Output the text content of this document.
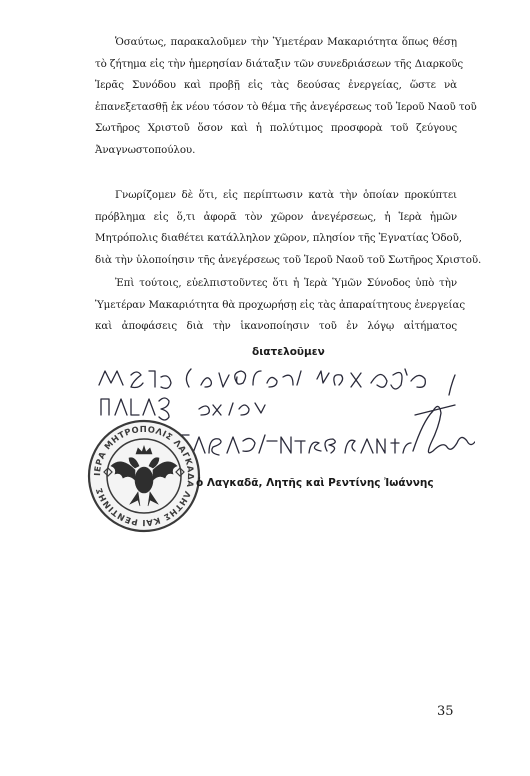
Ὁσαύτως, παρακαλοῦμεν τὴν Ὑμετέραν Μακαριότητα ὅπως θέσῃ
τὸ ζήτημα εἰς τὴν ἡμερησίαν διάταξιν τῶν συνεδριάσεων τῆς Διαρκοῦς
Ἱερᾶς Συνόδου καὶ προβῇ εἰς τὰς δεούσας ἐνεργείας, ὥστε νὰ
ἐπανεξετασθῇ ἐκ νέου τόσον τὸ θέμα τῆς ἀνεγέρσεως τοῦ Ἱεροῦ Ναοῦ τοῦ
Σωτῆρος Χριστοῦ ὅσον καὶ ἡ πολύτιμος προσφορὰ τοῦ ζεύγους
Ἀναγνωστοπούλου.
Γνωρίζομεν δὲ ὅτι, εἰς περίπτωσιν κατὰ τὴν ὁποίαν προκύπτει
πρόβλημα εἰς ὅ,τι ἀφορᾶ τὸν χῶρον ἀνεγέρσεως, ἡ Ἱερὰ ἡμῶν
Μητρόπολις διαθέτει κατάλληλον χῶρον, πλησίον τῆς Ἐγνατίας Ὁδοῦ,
διὰ τὴν ὑλοποίησιν τῆς ἀνεγέρσεως τοῦ Ἱεροῦ Ναοῦ τοῦ Σωτῆρος Χριστοῦ.
Ἐπὶ τούτοις, εὐελπιστοῦντες ὅτι ἡ Ἱερὰ Ὑμῶν Σύνοδος ὑπὸ τὴν
Ὑμετέραν Μακαριότητα θὰ προχωρήσῃ εἰς τὰς ἀπαραίτητους ἐνεργείας
καὶ ἀποφάσεις διὰ τὴν ἱκανοποίησιν τοῦ ἐν λόγῳ αἰτήματος
διατελοῦμεν
ΙΕΡΑ ΜΗΤΡΟΠΟΛΙΣ ΛΑΓΚΑΔΑ ΛΗΤΗΣ ΚΑΙ ΡΕΝΤΙΝΗΣ
ὁ Λαγκαδᾶ, Λητῆς καὶ Ρεντίνης Ἰωάννης
35
